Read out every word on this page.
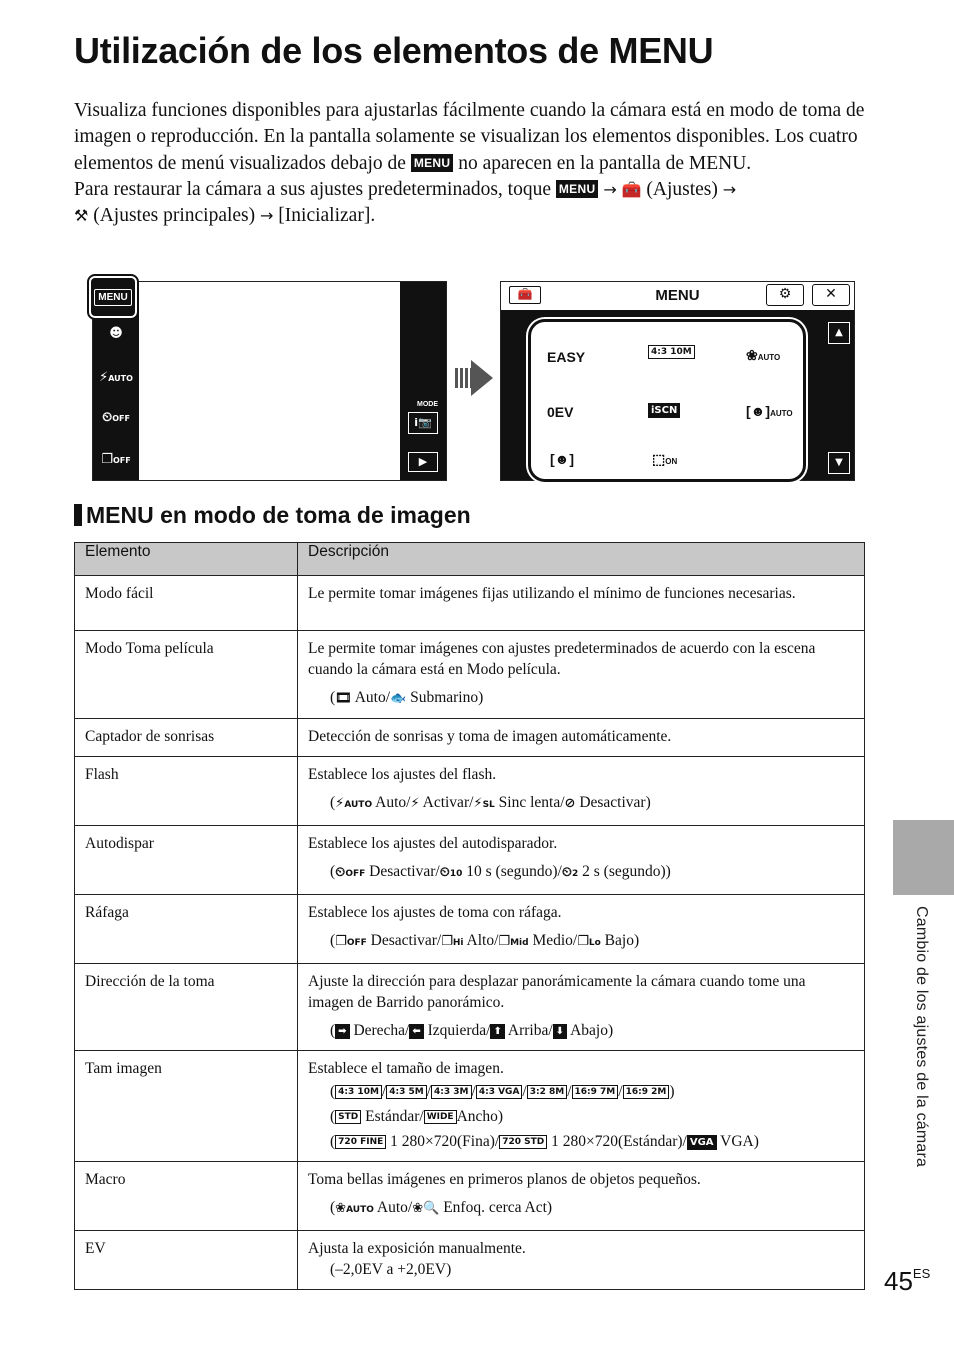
Utilización de los elementos de MENU
Visualiza funciones disponibles para ajustarlas fácilmente cuando la cámara está en modo de toma de imagen o reproducción. En la pantalla solamente se visualizan los elementos disponibles. Los cuatro elementos de menú visualizados debajo de MENU no aparecen en la pantalla de MENU.
Para restaurar la cámara a sus ajustes predeterminados, toque MENU → 🧰 (Ajustes) →
⚒ (Ajustes principales) → [Inicializar].
☻
⚡AUTO
⏲OFF
❐OFF
MENU
MODE
i📷
▶
🧰	MENU	⚙	✕
EASY	4:3 10M	❀AUTO
0EV	iSCN	[☻]AUTO
[☻]	⬚ON
▲
▼
MENU en modo de toma de imagen
Elemento	Descripción
Modo fácil	Le permite tomar imágenes fijas utilizando el mínimo de funciones necesarias.

Modo Toma película	Le permite tomar imágenes con ajustes predeterminados de acuerdo con la escena cuando la cámara está en Modo película.
(🎞 Auto/🐟 Submarino)

Captador de sonrisas	Detección de sonrisas y toma de imagen automáticamente.

Flash	Establece los ajustes del flash.
(⚡AUTO Auto/⚡ Activar/⚡SL Sinc lenta/⊘ Desactivar)

Autodispar	Establece los ajustes del autodisparador.
(⏲OFF Desactivar/⏲10 10 s (segundo)/⏲2 2 s (segundo))

Ráfaga	Establece los ajustes de toma con ráfaga.
(❐OFF Desactivar/❐Hi Alto/❐Mid Medio/❐Lo Bajo)

Dirección de la toma	Ajuste la dirección para desplazar panorámicamente la cámara cuando tome una imagen de Barrido panorámico.
( ➡ Derecha/ ⬅ Izquierda/ ⬆ Arriba/ ⬇ Abajo)

Tam imagen	Establece el tamaño de imagen.
( 4:3 10M / 4:3 5M / 4:3 3M / 4:3 VGA / 3:2 8M / 16:9 7M / 16:9 2M )
( STD Estándar/ WIDE Ancho)
( 720 FINE 1 280×720(Fina)/ 720 STD 1 280×720(Estándar)/ VGA VGA)

Macro	Toma bellas imágenes en primeros planos de objetos pequeños.
(❀AUTO Auto/❀🔍 Enfoq. cerca Act)

EV	Ajusta la exposición manualmente.
(–2,0EV a +2,0EV)
Cambio de los ajustes de la cámara
$45^{ES}$
